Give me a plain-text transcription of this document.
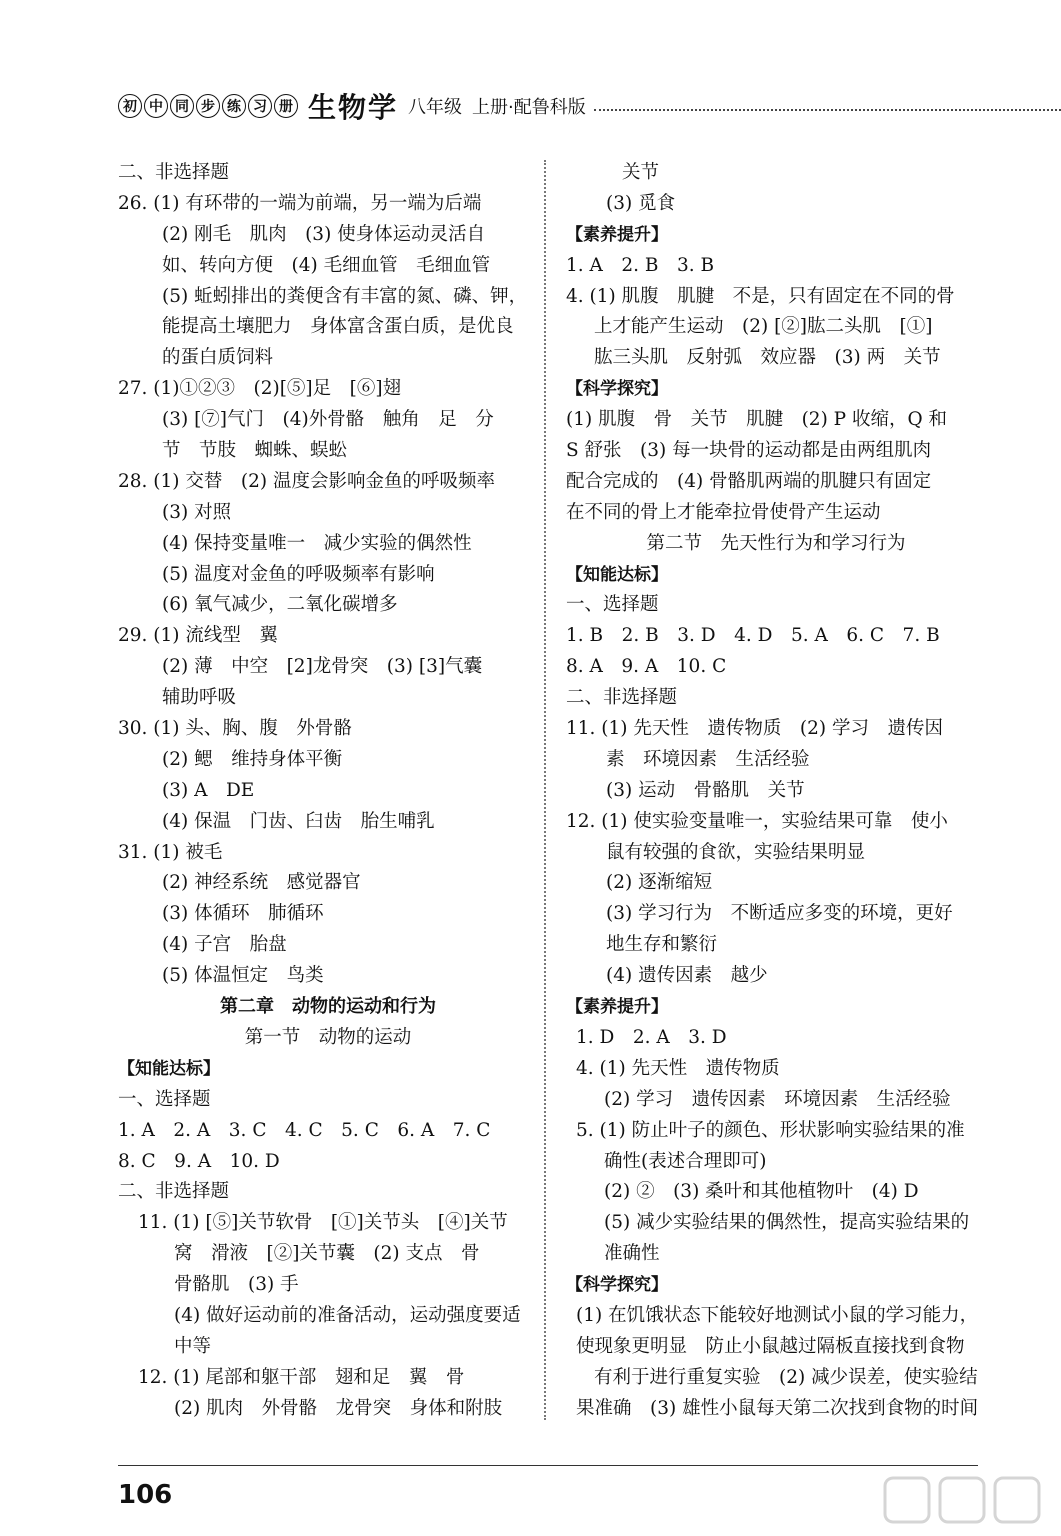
初 中 同 步 练 习 册 生物学 八年级 上册·配鲁科版
二、非选择题
26. (1) 有环带的一端为前端，另一端为后端
(2) 刚毛　肌肉　(3) 使身体运动灵活自
如、转向方便　(4) 毛细血管　毛细血管
(5) 蚯蚓排出的粪便含有丰富的氮、磷、钾，
能提高土壤肥力　身体富含蛋白质，是优良
的蛋白质饲料
27. (1)①②③　(2)[⑤]足　[⑥]翅
(3) [⑦]气门　(4)外骨骼　触角　足　分
节　节肢　蜘蛛、蜈蚣
28. (1) 交替　(2) 温度会影响金鱼的呼吸频率
(3) 对照
(4) 保持变量唯一　减少实验的偶然性
(5) 温度对金鱼的呼吸频率有影响
(6) 氧气减少，二氧化碳增多
29. (1) 流线型　翼
(2) 薄　中空　[2]龙骨突　(3) [3]气囊
辅助呼吸
30. (1) 头、胸、腹　外骨骼
(2) 鳃　维持身体平衡
(3) A　DE
(4) 保温　门齿、臼齿　胎生哺乳
31. (1) 被毛
(2) 神经系统　感觉器官
(3) 体循环　肺循环
(4) 子宫　胎盘
(5) 体温恒定　鸟类
第二章　动物的运动和行为
第一节　动物的运动
【知能达标】
一、选择题
1. A　2. A　3. C　4. C　5. C　6. A　7. C
8. C　9. A　10. D
二、非选择题
11. (1) [⑤]关节软骨　[①]关节头　[④]关节
窝　滑液　[②]关节囊　(2) 支点　骨
骨骼肌　(3) 手
(4) 做好运动前的准备活动，运动强度要适
中等
12. (1) 尾部和躯干部　翅和足　翼　骨
(2) 肌肉　外骨骼　龙骨突　身体和附肢
关节
(3) 觅食
【素养提升】
1. A　2. B　3. B
4. (1) 肌腹　肌腱　不是，只有固定在不同的骨
上才能产生运动　(2) [②]肱二头肌　[①]
肱三头肌　反射弧　效应器　(3) 两　关节
【科学探究】
(1) 肌腹　骨　关节　肌腱　(2) P 收缩，Q 和
S 舒张　(3) 每一块骨的运动都是由两组肌肉
配合完成的　(4) 骨骼肌两端的肌腱只有固定
在不同的骨上才能牵拉骨使骨产生运动
第二节　先天性行为和学习行为
【知能达标】
一、选择题
1. B　2. B　3. D　4. D　5. A　6. C　7. B
8. A　9. A　10. C
二、非选择题
11. (1) 先天性　遗传物质　(2) 学习　遗传因
素　环境因素　生活经验
(3) 运动　骨骼肌　关节
12. (1) 使实验变量唯一，实验结果可靠　使小
鼠有较强的食欲，实验结果明显
(2) 逐渐缩短
(3) 学习行为　不断适应多变的环境，更好
地生存和繁衍
(4) 遗传因素　越少
【素养提升】
1. D　2. A　3. D
4. (1) 先天性　遗传物质
(2) 学习　遗传因素　环境因素　生活经验
5. (1) 防止叶子的颜色、形状影响实验结果的准
确性(表述合理即可)
(2) ②　(3) 桑叶和其他植物叶　(4) D
(5) 减少实验结果的偶然性，提高实验结果的
准确性
【科学探究】
(1) 在饥饿状态下能较好地测试小鼠的学习能力，
使现象更明显　防止小鼠越过隔板直接找到食物
有利于进行重复实验　(2) 减少误差，使实验结
果准确　(3) 雄性小鼠每天第二次找到食物的时间
106
